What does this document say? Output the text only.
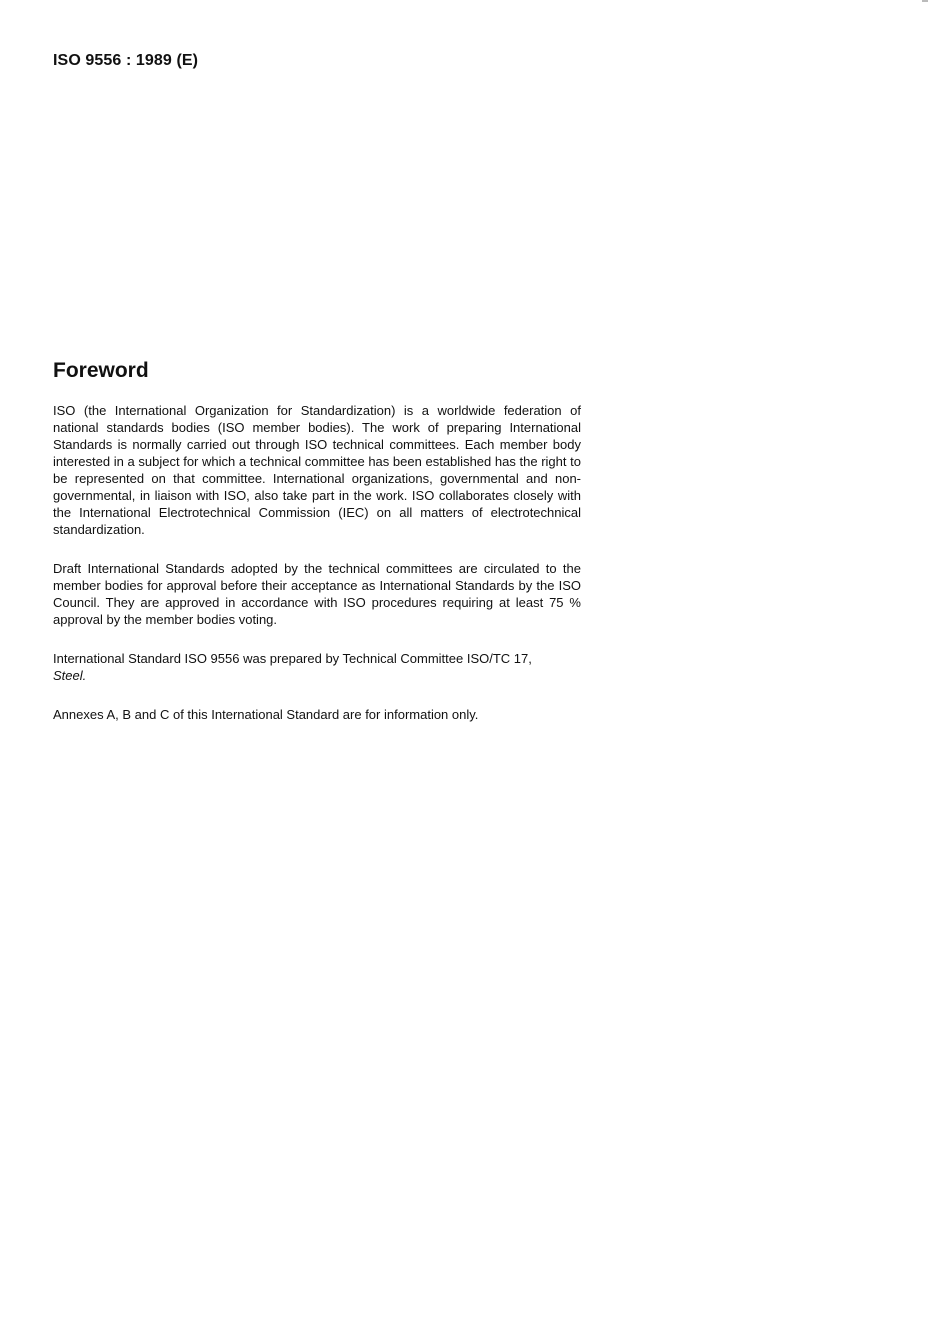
ISO 9556 : 1989 (E)
Foreword

ISO (the International Organization for Standardization) is a worldwide federation of national standards bodies (ISO member bodies). The work of preparing International Standards is normally carried out through ISO technical committees. Each member body interested in a subject for which a technical committee has been established has the right to be represented on that committee. International organizations, governmental and non-governmental, in liaison with ISO, also take part in the work. ISO collaborates closely with the International Electrotechnical Commission (IEC) on all matters of electrotechnical standardization.

Draft International Standards adopted by the technical committees are circulated to the member bodies for approval before their acceptance as International Standards by the ISO Council. They are approved in accordance with ISO procedures requiring at least 75 % approval by the member bodies voting.

International Standard ISO 9556 was prepared by Technical Committee ISO/TC 17,
Steel.

Annexes A, B and C of this International Standard are for information only.
